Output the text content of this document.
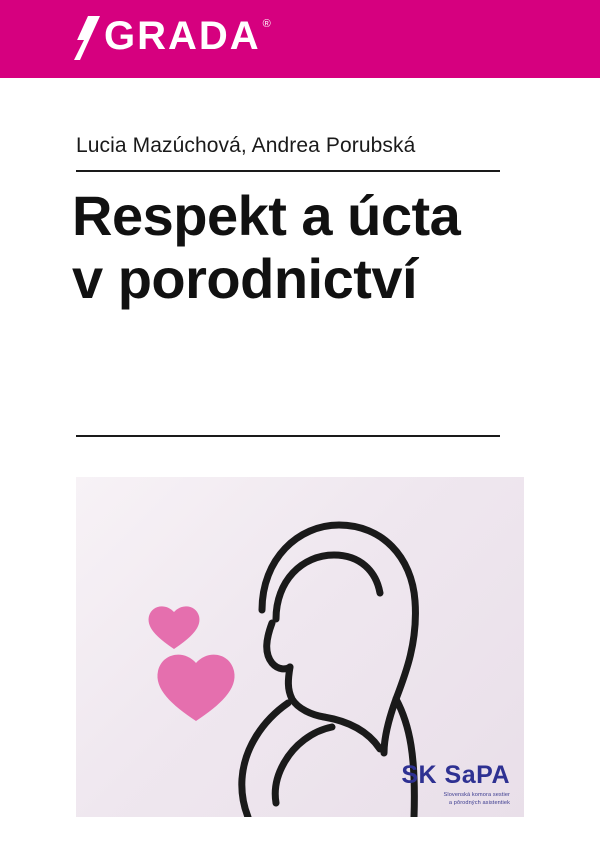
GRADA ®
Lucia Mazúchová, Andrea Porubská
Respekt a úcta
v porodnictví
SK SaPA
Slovenská komora sestier
a pôrodných asistentiek
